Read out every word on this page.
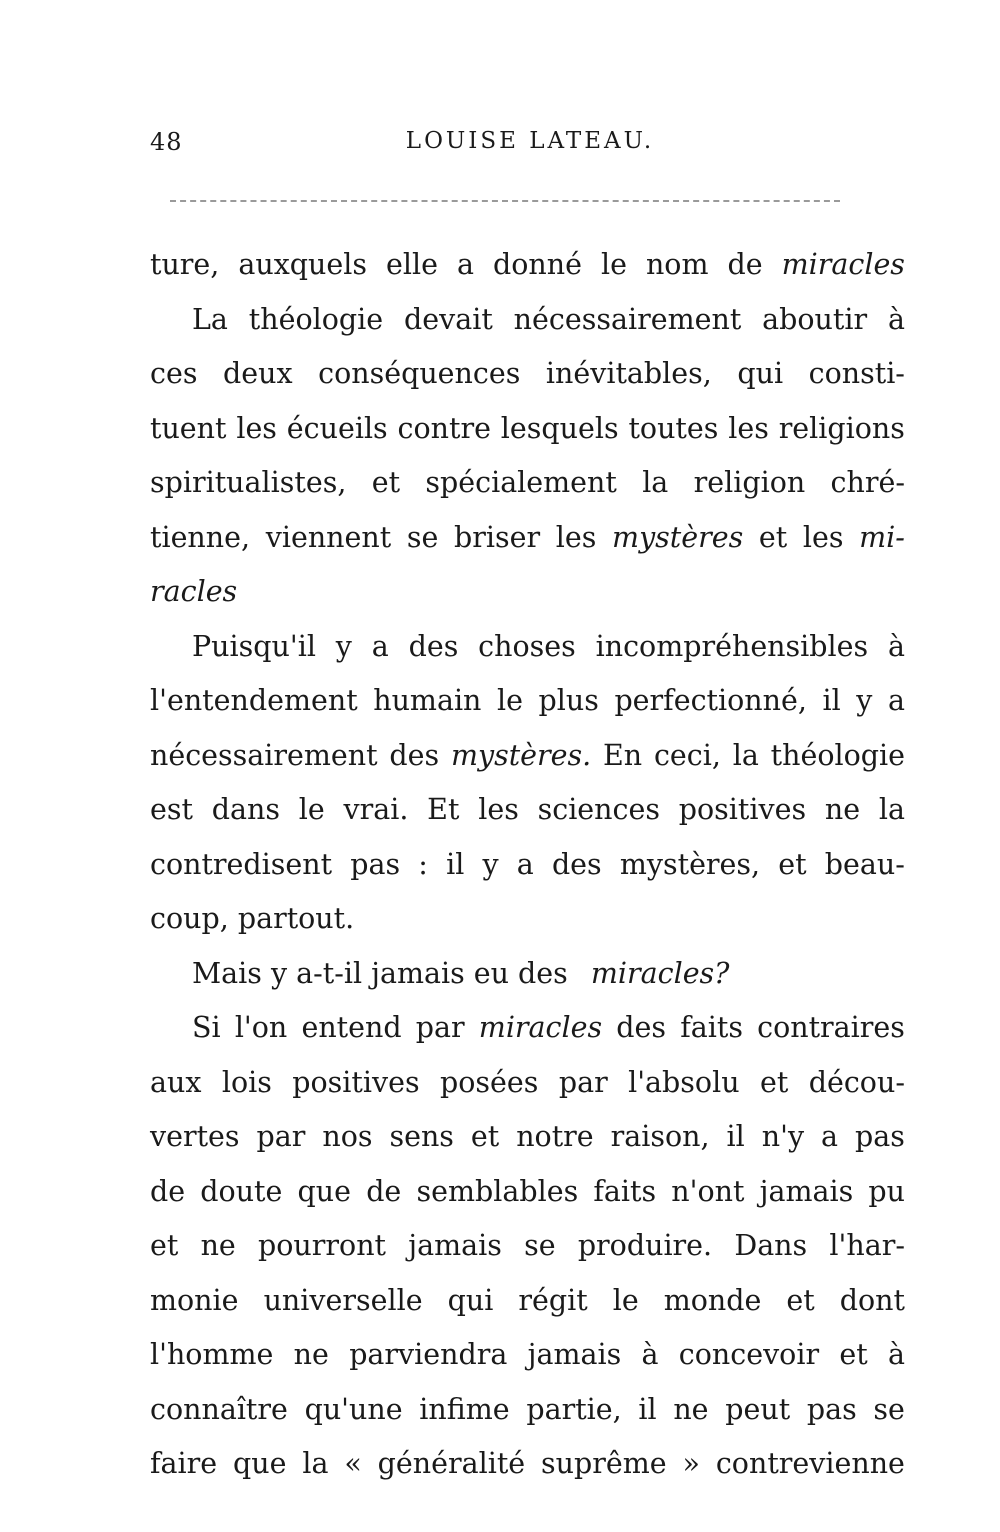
48	LOUISE LATEAU.
ture, auxquels elle a donné le nom de miracles
La théologie devait nécessairement aboutir à
ces deux conséquences inévitables, qui consti-
tuent les écueils contre lesquels toutes les religions
spiritualistes, et spécialement la religion chré-
tienne, viennent se briser les mystères et les mi-
racles
Puisqu'il y a des choses incompréhensibles à
l'entendement humain le plus perfectionné, il y a
nécessairement des mystères. En ceci, la théologie
est dans le vrai. Et les sciences positives ne la
contredisent pas : il y a des mystères, et beau-
coup, partout.
Mais y a-t-il jamais eu des miracles?
Si l'on entend par miracles des faits contraires
aux lois positives posées par l'absolu et décou-
vertes par nos sens et notre raison, il n'y a pas
de doute que de semblables faits n'ont jamais pu
et ne pourront jamais se produire. Dans l'har-
monie universelle qui régit le monde et dont
l'homme ne parviendra jamais à concevoir et à
connaître qu'une infime partie, il ne peut pas se
faire que la « généralité suprême » contrevienne
